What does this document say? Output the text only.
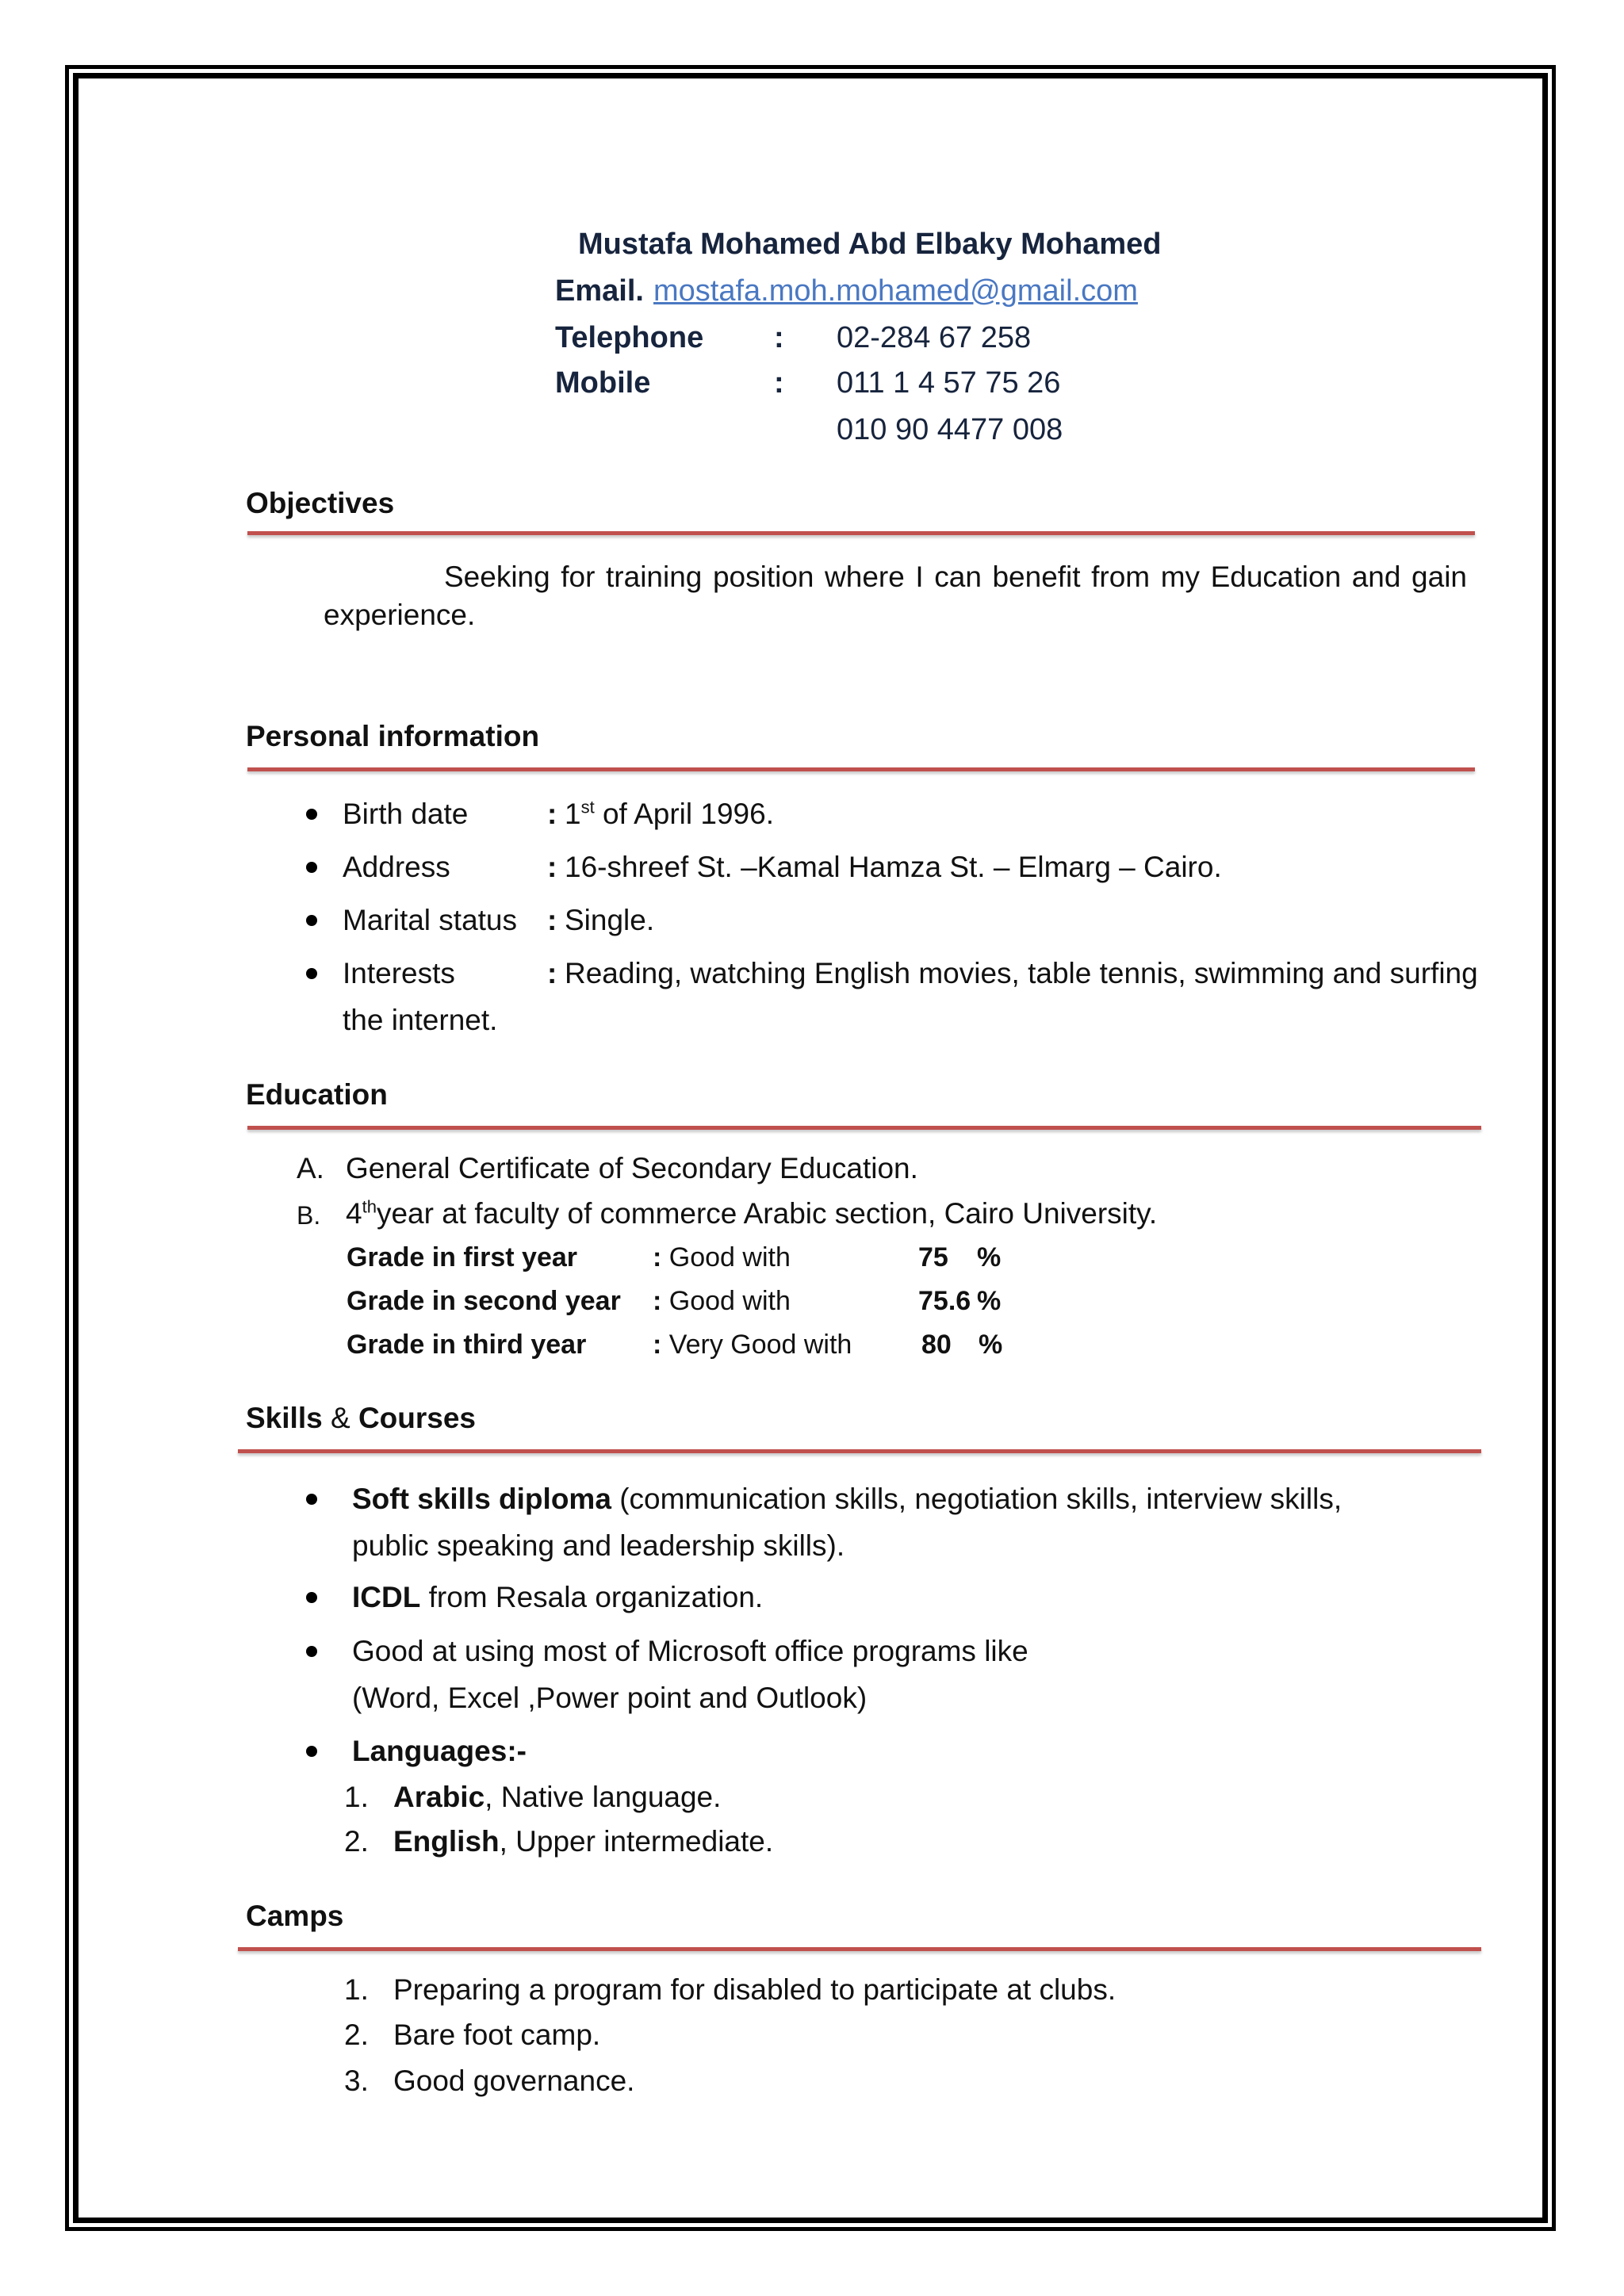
Mustafa Mohamed Abd Elbaky Mohamed
Email. mostafa.moh.mohamed@gmail.com
Telephone : 02-284 67 258
Mobile	: 011 1 4 57 75 26
010 90 4477 008
Objectives
Seeking for training position where I can benefit from my Education and gain
experience.
Personal information
Birth date	: 1st of April 1996.
Address	: 16-shreef St. –Kamal Hamza St. – Elmarg – Cairo.
Marital status : Single.
Interests	: Reading, watching English movies, table tennis, swimming and surfing
the internet.
Education
A. General Certificate of Secondary Education.
B. 4thyear at faculty of commerce Arabic section, Cairo University.
Grade in first year	: Good with	75 %
Grade in second year : Good with	75.6 %
Grade in third year : Very Good with	80 %
Skills & Courses
Soft skills diploma (communication skills, negotiation skills, interview skills,
public speaking and leadership skills).
ICDL from Resala organization.
Good at using most of Microsoft office programs like
(Word, Excel ,Power point and Outlook)
Languages:-
1. Arabic, Native language.
2. English, Upper intermediate.
Camps
1. Preparing a program for disabled to participate at clubs.
2. Bare foot camp.
3. Good governance.
